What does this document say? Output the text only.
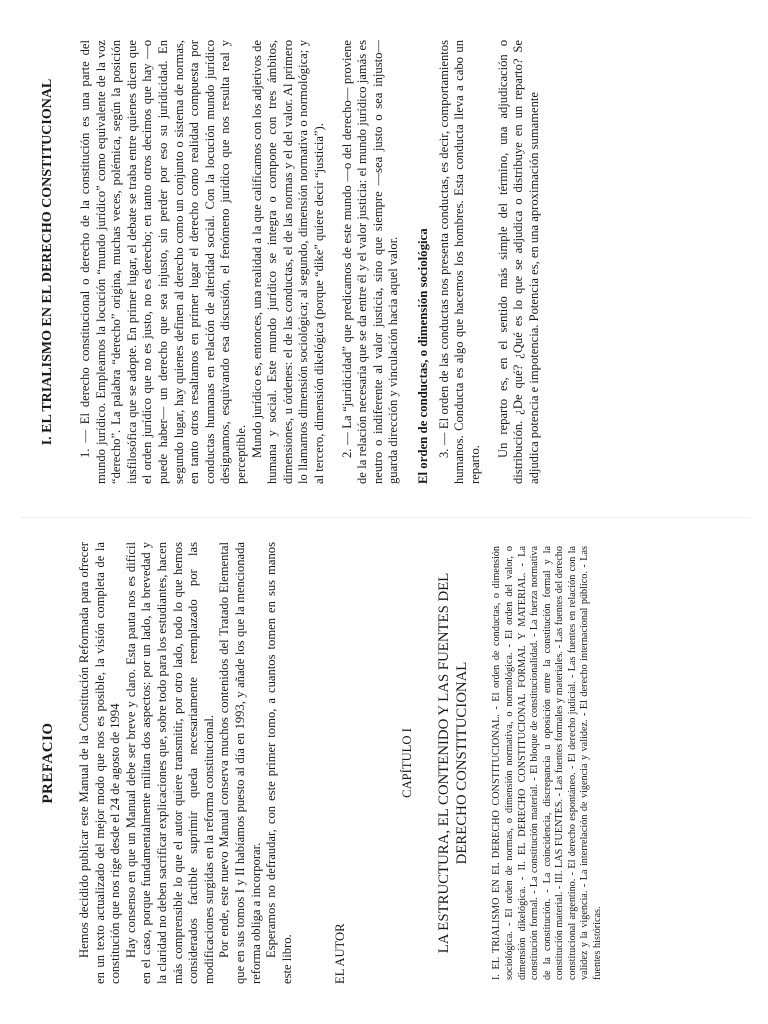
PREFACIO Hemos decidido publicar este Manual de la Constitución Reformada para ofrecer en un texto actualizado del mejor modo que nos es posible, la visión completa de la constitución que nos rige desde el 24 de agosto de 1994 Hay consenso en que un Manual debe ser breve y claro. Esta pauta nos es difícil en el caso, porque fundamentalmente militan dos aspectos: por un lado, la brevedad y la claridad no deben sacrificar explicaciones que, sobre todo para los estudiantes, hacen más comprensible lo que el autor quiere transmitir, por otro lado, todo lo que hemos considerados factible suprimir queda necesariamente reemplazado por las modificaciones surgidas en la reforma constitucional. Por ende, este nuevo Manual conserva muchos contenidos del Tratado Elemental que en sus tomos I y II habíamos puesto al día en 1993, y añade los que la mencionada reforma obliga a incorporar. Esperamos no defraudar, con este primer tomo, a cuantos tomen en sus manos este libro.	EL AUTOR
CAPÍTULO I LA ESTRUCTURA, EL CONTENIDO Y LAS FUENTES DEL DERECHO CONSTITUCIONAL I. EL TRIALISMO EN EL DERECHO CONSTITUCIONAL. - El orden de conductas, o dimensión sociológica. - El orden de normas, o dimensión normativa, o normológica. - El orden del valor, o dimensión dikelógica. - II. EL DERECHO CONSTITUCIONAL FORMAL Y MATERIAL. - La constitución formal. - La constitución material. - El bloque de constitucionalidad. - La fuerza normativa de la constitución. - La coincidencia, discrepancia u oposición entre la constitución formal y la constitución material. - III. LAS FUENTES. - Las fuentes formales y materiales. - Las fuentes del derecho constitucional argentino. - El derecho espontáneo. - El derecho judicial. - Las fuentes en relación con la validez y la vigencia. - La interrelación de vigencia y validez. - El derecho internacional público. - Las fuentes históricas.
I. EL TRIALISMO EN EL DERECHO CONSTITUCIONAL 1. — El derecho constitucional o derecho de la constitución es una parte del mundo jurídico. Empleamos la locución “mundo jurídico” como equivalente de la voz “derecho”. La palabra “derecho” origina, muchas veces, polémica, según la posición iusfilosófica que se adopte. En primer lugar, el debate se traba entre quienes dicen que el orden jurídico que no es justo, no es derecho; en tanto otros decimos que hay —o puede haber— un derecho que sea injusto, sin perder por eso su juridicidad. En segundo lugar, hay quienes definen al derecho como un conjunto o sistema de normas, en tanto otros resaltamos en primer lugar el derecho como realidad compuesta por conductas humanas en relación de alteridad social. Con la locución mundo jurídico designamos, esquivando esa discusión, el fenómeno jurídico que nos resulta real y perceptible. Mundo jurídico es, entonces, una realidad a la que calificamos con los adjetivos de humana y social. Este mundo jurídico se integra o compone con tres ámbitos, dimensiones, u órdenes: el de las conductas, el de las normas y el del valor. Al primero lo llamamos dimensión sociológica; al segundo, dimensión normativa o normológica; y al tercero, dimensión dikelógica (porque “dike” quiere decir “justicia”). 2. — La “juridicidad” que predicamos de este mundo —o del derecho— proviene de la relación necesaria que se da entre él y el valor justicia: el mundo jurídico jamás es neutro o indiferente al valor justicia, sino que siempre —sea justo o sea injusto— guarda dirección y vinculación hacia aquel valor. El orden de conductas, o dimensión sociológica 3. — El orden de las conductas nos presenta conductas, es decir, comportamientos humanos. Conducta es algo que hacemos los hombres. Esta conducta lleva a cabo un reparto.

Un reparto es, en el sentido más simple del término, una adjudicación o distribución. ¿De qué? ¿Qué es lo que se adjudica o distribuye en un reparto? Se adjudica potencia e impotencia. Potencia es, en una aproximación sumamente
